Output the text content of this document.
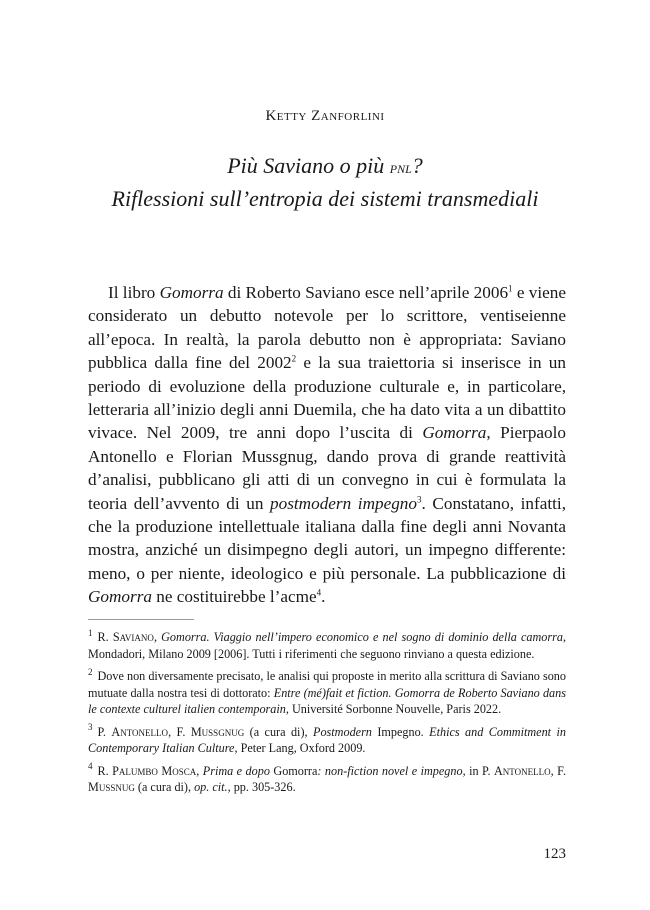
Ketty Zanforlini
Più Saviano o più pnl?
Riflessioni sull’entropia dei sistemi transmediali

Il libro Gomorra di Roberto Saviano esce nell’aprile 2006$^1$ e viene considerato un debutto notevole per lo scrittore, ventiseienne all’epoca. In realtà, la parola debutto non è appropriata: Saviano pubblica dalla fine del 2002$^2$ e la sua traiettoria si inserisce in un periodo di evoluzione della produzione culturale e, in particolare, letteraria all’inizio degli anni Duemila, che ha dato vita a un dibattito vivace. Nel 2009, tre anni dopo l’uscita di Gomorra, Pierpaolo Antonello e Florian Mussgnug, dando prova di grande reattività d’analisi, pubblicano gli atti di un convegno in cui è formulata la teoria dell’avvento di un postmodern impegno$^3$. Constatano, infatti, che la produzione intellettuale italiana dalla fine degli anni Novanta mostra, anziché un disimpegno degli autori, un impegno differente: meno, o per niente, ideologico e più personale. La pubblicazione di Gomorra ne costituirebbe l’acme$^4$.

$^1$ R. Saviano, Gomorra. Viaggio nell’impero economico e nel sogno di dominio della camorra, Mondadori, Milano 2009 [2006]. Tutti i riferimenti che seguono rinviano a questa edizione.

$^2$ Dove non diversamente precisato, le analisi qui proposte in merito alla scrittura di Saviano sono mutuate dalla nostra tesi di dottorato: Entre (mé)fait et fiction. Gomorra de Roberto Saviano dans le contexte culturel italien contemporain, Université Sorbonne Nouvelle, Paris 2022.

$^3$ P. Antonello, F. Mussgnug (a cura di), Postmodern Impegno. Ethics and Commitment in Contemporary Italian Culture, Peter Lang, Oxford 2009.

$^4$ R. Palumbo Mosca, Prima e dopo Gomorra: non-fiction novel e impegno, in P. Antonello, F. Mussnug (a cura di), op. cit., pp. 305-326.

123
